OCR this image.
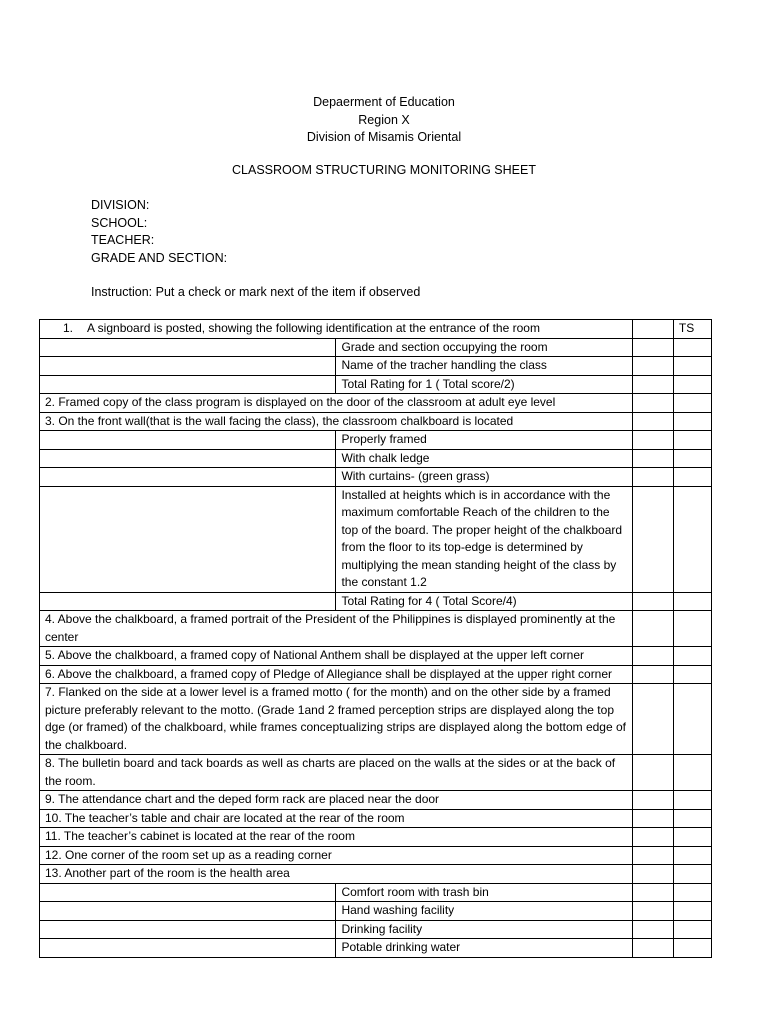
Depaerment of Education
Region X
Division of Misamis Oriental
CLASSROOM STRUCTURING MONITORING SHEET
DIVISION:
SCHOOL:
TEACHER:
GRADE AND SECTION:
Instruction: Put a check or mark next of the item if observed
1. A signboard is posted, showing the following identification at the entrance of the room			TS
	Grade and section occupying the room		
	Name of the tracher handling the class		
	Total Rating for 1 ( Total score/2)		
2. Framed copy of the class program is displayed on the door of the classroom at adult eye level			
3. On the front wall(that is the wall facing the class), the classroom chalkboard is located			
	Properly framed		
	With chalk ledge		
	With curtains- (green grass)		
	Installed at heights which is in accordance with the maximum comfortable Reach of the children to the top of the board. The proper height of the chalkboard from the floor to its top-edge is determined by multiplying the mean standing height of the class by the constant 1.2		
	Total Rating for 4 ( Total Score/4)		
4. Above the chalkboard, a framed portrait of the President of the Philippines is displayed prominently at the center			
5. Above the chalkboard, a framed copy of National Anthem shall be displayed at the upper left corner			
6. Above the chalkboard, a framed copy of Pledge of Allegiance shall be displayed at the upper right corner			
7. Flanked on the side at a lower level is a framed motto ( for the month) and on the other side by a framed picture preferably relevant to the motto. (Grade 1and 2 framed perception strips are displayed along the top dge (or framed) of the chalkboard, while frames conceptualizing strips are displayed along the bottom edge of the chalkboard.			
8. The bulletin board and tack boards as well as charts are placed on the walls at the sides or at the back of the room.			
9. The attendance chart and the deped form rack are placed near the door			
10. The teacher’s table and chair are located at the rear of the room			
11. The teacher’s cabinet is located at the rear of the room			
12. One corner of the room set up as a reading corner			
13. Another part of the room is the health area			
	Comfort room with trash bin		
	Hand washing facility		
	Drinking facility		
	Potable drinking water		
